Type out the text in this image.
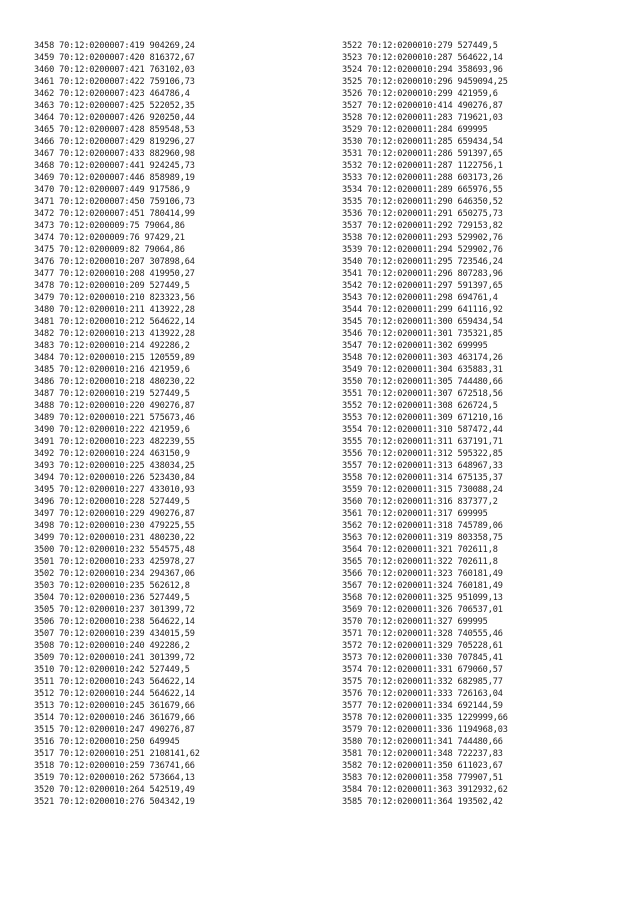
3458 70:12:0200007:419 904269,24
3459 70:12:0200007:420 816372,67
3460 70:12:0200007:421 763102,03
3461 70:12:0200007:422 759106,73
3462 70:12:0200007:423 464786,4
3463 70:12:0200007:425 522052,35
3464 70:12:0200007:426 920250,44
3465 70:12:0200007:428 859548,53
3466 70:12:0200007:429 819296,27
3467 70:12:0200007:433 882960,98
3468 70:12:0200007:441 924245,73
3469 70:12:0200007:446 858989,19
3470 70:12:0200007:449 917586,9
3471 70:12:0200007:450 759106,73
3472 70:12:0200007:451 780414,99
3473 70:12:0200009:75 79064,86
3474 70:12:0200009:76 97429,21
3475 70:12:0200009:82 79064,86
3476 70:12:0200010:207 307898,64
3477 70:12:0200010:208 419950,27
3478 70:12:0200010:209 527449,5
3479 70:12:0200010:210 823323,56
3480 70:12:0200010:211 413922,28
3481 70:12:0200010:212 564622,14
3482 70:12:0200010:213 413922,28
3483 70:12:0200010:214 492286,2
3484 70:12:0200010:215 120559,89
3485 70:12:0200010:216 421959,6
3486 70:12:0200010:218 480230,22
3487 70:12:0200010:219 527449,5
3488 70:12:0200010:220 490276,87
3489 70:12:0200010:221 575673,46
3490 70:12:0200010:222 421959,6
3491 70:12:0200010:223 482239,55
3492 70:12:0200010:224 463150,9
3493 70:12:0200010:225 438034,25
3494 70:12:0200010:226 523430,84
3495 70:12:0200010:227 433010,93
3496 70:12:0200010:228 527449,5
3497 70:12:0200010:229 490276,87
3498 70:12:0200010:230 479225,55
3499 70:12:0200010:231 480230,22
3500 70:12:0200010:232 554575,48
3501 70:12:0200010:233 425978,27
3502 70:12:0200010:234 294367,06
3503 70:12:0200010:235 562612,8
3504 70:12:0200010:236 527449,5
3505 70:12:0200010:237 301399,72
3506 70:12:0200010:238 564622,14
3507 70:12:0200010:239 434015,59
3508 70:12:0200010:240 492286,2
3509 70:12:0200010:241 301399,72
3510 70:12:0200010:242 527449,5
3511 70:12:0200010:243 564622,14
3512 70:12:0200010:244 564622,14
3513 70:12:0200010:245 361679,66
3514 70:12:0200010:246 361679,66
3515 70:12:0200010:247 490276,87
3516 70:12:0200010:250 649945
3517 70:12:0200010:251 2108141,62
3518 70:12:0200010:259 736741,66
3519 70:12:0200010:262 573664,13
3520 70:12:0200010:264 542519,49
3521 70:12:0200010:276 504342,19
3522 70:12:0200010:279 527449,5
3523 70:12:0200010:287 564622,14
3524 70:12:0200010:294 358693,96
3525 70:12:0200010:296 9459094,25
3526 70:12:0200010:299 421959,6
3527 70:12:0200010:414 490276,87
3528 70:12:0200011:283 719621,03
3529 70:12:0200011:284 699995
3530 70:12:0200011:285 659434,54
3531 70:12:0200011:286 591397,65
3532 70:12:0200011:287 1122756,1
3533 70:12:0200011:288 603173,26
3534 70:12:0200011:289 665976,55
3535 70:12:0200011:290 646350,52
3536 70:12:0200011:291 650275,73
3537 70:12:0200011:292 729153,82
3538 70:12:0200011:293 529902,76
3539 70:12:0200011:294 529902,76
3540 70:12:0200011:295 723546,24
3541 70:12:0200011:296 807283,96
3542 70:12:0200011:297 591397,65
3543 70:12:0200011:298 694761,4
3544 70:12:0200011:299 641116,92
3545 70:12:0200011:300 659434,54
3546 70:12:0200011:301 735321,85
3547 70:12:0200011:302 699995
3548 70:12:0200011:303 463174,26
3549 70:12:0200011:304 635883,31
3550 70:12:0200011:305 744480,66
3551 70:12:0200011:307 672518,56
3552 70:12:0200011:308 626724,5
3553 70:12:0200011:309 671210,16
3554 70:12:0200011:310 587472,44
3555 70:12:0200011:311 637191,71
3556 70:12:0200011:312 595322,85
3557 70:12:0200011:313 648967,33
3558 70:12:0200011:314 675135,37
3559 70:12:0200011:315 730088,24
3560 70:12:0200011:316 837377,2
3561 70:12:0200011:317 699995
3562 70:12:0200011:318 745789,06
3563 70:12:0200011:319 803358,75
3564 70:12:0200011:321 702611,8
3565 70:12:0200011:322 702611,8
3566 70:12:0200011:323 760181,49
3567 70:12:0200011:324 760181,49
3568 70:12:0200011:325 951099,13
3569 70:12:0200011:326 706537,01
3570 70:12:0200011:327 699995
3571 70:12:0200011:328 740555,46
3572 70:12:0200011:329 705228,61
3573 70:12:0200011:330 707845,41
3574 70:12:0200011:331 679060,57
3575 70:12:0200011:332 682985,77
3576 70:12:0200011:333 726163,04
3577 70:12:0200011:334 692144,59
3578 70:12:0200011:335 1229999,66
3579 70:12:0200011:336 1194968,03
3580 70:12:0200011:341 744480,66
3581 70:12:0200011:348 722237,83
3582 70:12:0200011:350 611023,67
3583 70:12:0200011:358 779907,51
3584 70:12:0200011:363 3912932,62
3585 70:12:0200011:364 193502,42
